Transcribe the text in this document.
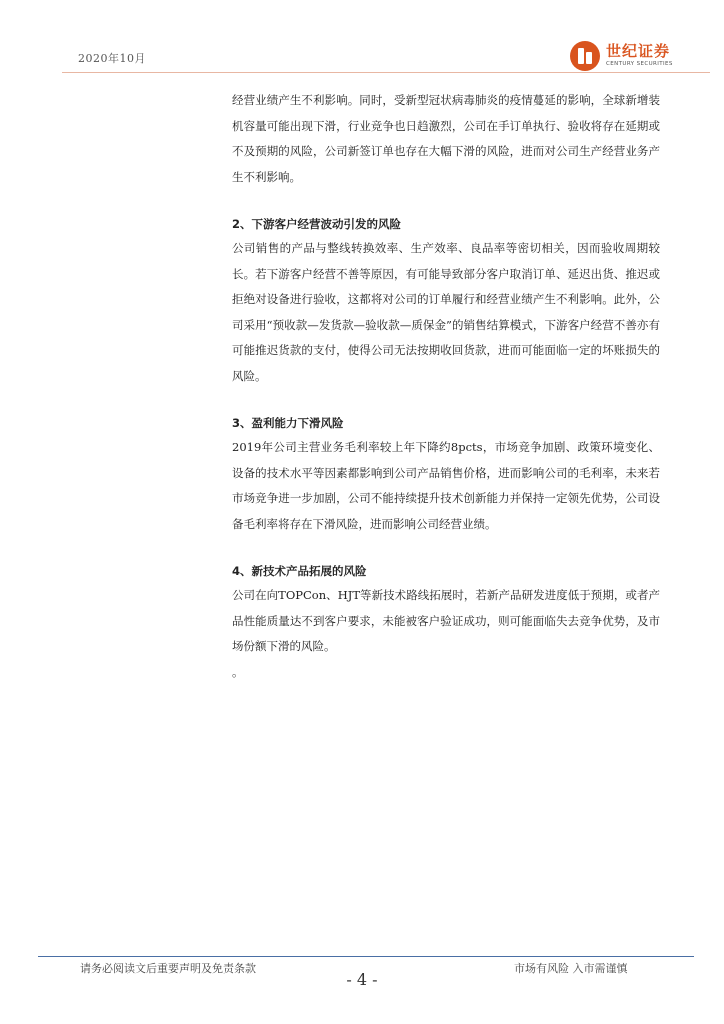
2020年10月	世纪证券
CENTURY SECURITIES

经营业绩产生不利影响。同时，受新型冠状病毒肺炎的疫情蔓延的影响，全球新增装机容量可能出现下滑，行业竞争也日趋激烈，公司在手订单执行、验收将存在延期或不及预期的风险，公司新签订单也存在大幅下滑的风险，进而对公司生产经营业务产生不利影响。

2、下游客户经营波动引发的风险

公司销售的产品与整线转换效率、生产效率、良品率等密切相关，因而验收周期较长。若下游客户经营不善等原因，有可能导致部分客户取消订单、延迟出货、推迟或拒绝对设备进行验收，这都将对公司的订单履行和经营业绩产生不利影响。此外，公司采用“预收款—发货款—验收款—质保金”的销售结算模式，下游客户经营不善亦有可能推迟货款的支付，使得公司无法按期收回货款，进而可能面临一定的坏账损失的风险。

3、盈利能力下滑风险

2019年公司主营业务毛利率较上年下降约8pcts，市场竞争加剧、政策环境变化、设备的技术水平等因素都影响到公司产品销售价格，进而影响公司的毛利率，未来若市场竞争进一步加剧，公司不能持续提升技术创新能力并保持一定领先优势，公司设备毛利率将存在下滑风险，进而影响公司经营业绩。

4、新技术产品拓展的风险

公司在向TOPCon、HJT等新技术路线拓展时，若新产品研发进度低于预期，或者产品性能质量达不到客户要求，未能被客户验证成功，则可能面临失去竞争优势，及市场份额下滑的风险。

。

请务必阅读文后重要声明及免责条款	市场有风险 入市需谨慎
- 4 -
